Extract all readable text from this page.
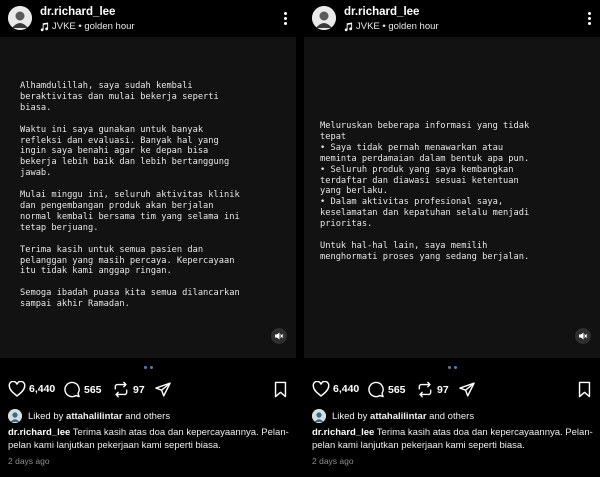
dr.richard_lee
JVKE • golden hour
Alhamdulillah, saya sudah kembali
beraktivitas dan mulai bekerja seperti
biasa.

Waktu ini saya gunakan untuk banyak
refleksi dan evaluasi. Banyak hal yang
ingin saya benahi agar ke depan bisa
bekerja lebih baik dan lebih bertanggung
jawab.

Mulai minggu ini, seluruh aktivitas klinik
dan pengembangan produk akan berjalan
normal kembali bersama tim yang selama ini
tetap berjuang.

Terima kasih untuk semua pasien dan
pelanggan yang masih percaya. Kepercayaan
itu tidak kami anggap ringan.

Semoga ibadah puasa kita semua dilancarkan
sampai akhir Ramadan.
6,440	565	97
Liked by attahalilintar and others
dr.richard_lee Terima kasih atas doa dan kepercayaannya. Pelan-pelan kami lanjutkan pekerjaan kami seperti biasa.
2 days ago
dr.richard_lee
JVKE • golden hour
Meluruskan beberapa informasi yang tidak
tepat
• Saya tidak pernah menawarkan atau
meminta perdamaian dalam bentuk apa pun.
• Seluruh produk yang saya kembangkan
terdaftar dan diawasi sesuai ketentuan
yang berlaku.
• Dalam aktivitas profesional saya,
keselamatan dan kepatuhan selalu menjadi
prioritas.

Untuk hal-hal lain, saya memilih
menghormati proses yang sedang berjalan.
6,440	565	97
Liked by attahalilintar and others
dr.richard_lee Terima kasih atas doa dan kepercayaannya. Pelan-pelan kami lanjutkan pekerjaan kami seperti biasa.
2 days ago
